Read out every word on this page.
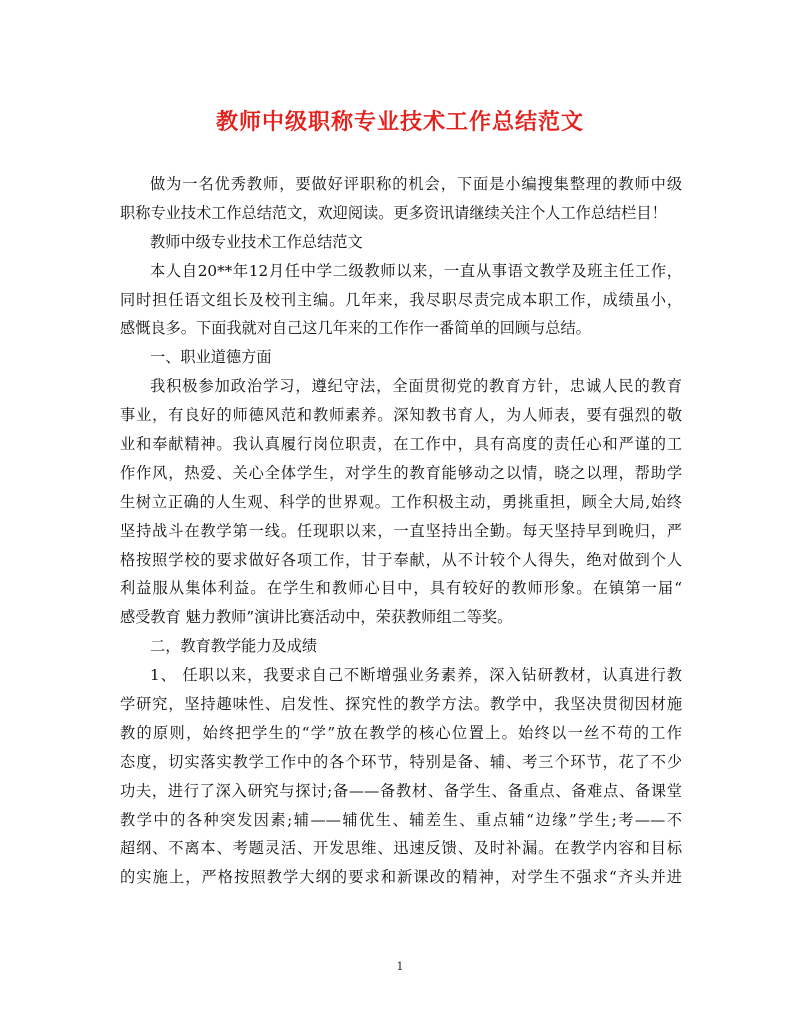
教师中级职称专业技术工作总结范文
做为一名优秀教师，要做好评职称的机会，下面是小编搜集整理的教师中级
职称专业技术工作总结范文，欢迎阅读。更多资讯请继续关注个人工作总结栏目！
教师中级专业技术工作总结范文
本人自20**年12月任中学二级教师以来，一直从事语文教学及班主任工作，
同时担任语文组长及校刊主编。几年来，我尽职尽责完成本职工作，成绩虽小，
感慨良多。下面我就对自己这几年来的工作作一番简单的回顾与总结。
一、职业道德方面
我积极参加政治学习，遵纪守法，全面贯彻党的教育方针，忠诚人民的教育
事业，有良好的师德风范和教师素养。深知教书育人，为人师表，要有强烈的敬
业和奉献精神。我认真履行岗位职责，在工作中，具有高度的责任心和严谨的工
作作风，热爱、关心全体学生，对学生的教育能够动之以情，晓之以理，帮助学
生树立正确的人生观、科学的世界观。工作积极主动，勇挑重担，顾全大局,始终
坚持战斗在教学第一线。任现职以来，一直坚持出全勤。每天坚持早到晚归，严
格按照学校的要求做好各项工作，甘于奉献，从不计较个人得失，绝对做到个人
利益服从集体利益。在学生和教师心目中，具有较好的教师形象。在镇第一届“
感受教育 魅力教师”演讲比赛活动中，荣获教师组二等奖。
二，教育教学能力及成绩
1、 任职以来，我要求自己不断增强业务素养，深入钻研教材，认真进行教
学研究，坚持趣味性、启发性、探究性的教学方法。教学中，我坚决贯彻因材施
教的原则，始终把学生的“学”放在教学的核心位置上。始终以一丝不苟的工作
态度，切实落实教学工作中的各个环节，特别是备、辅、考三个环节，花了不少
功夫，进行了深入研究与探讨;备——备教材、备学生、备重点、备难点、备课堂
教学中的各种突发因素;辅——辅优生、辅差生、重点辅“边缘”学生;考——不
超纲、不离本、考题灵活、开发思维、迅速反馈、及时补漏。在教学内容和目标
的实施上，严格按照教学大纲的要求和新课改的精神，对学生不强求“齐头并进
1
